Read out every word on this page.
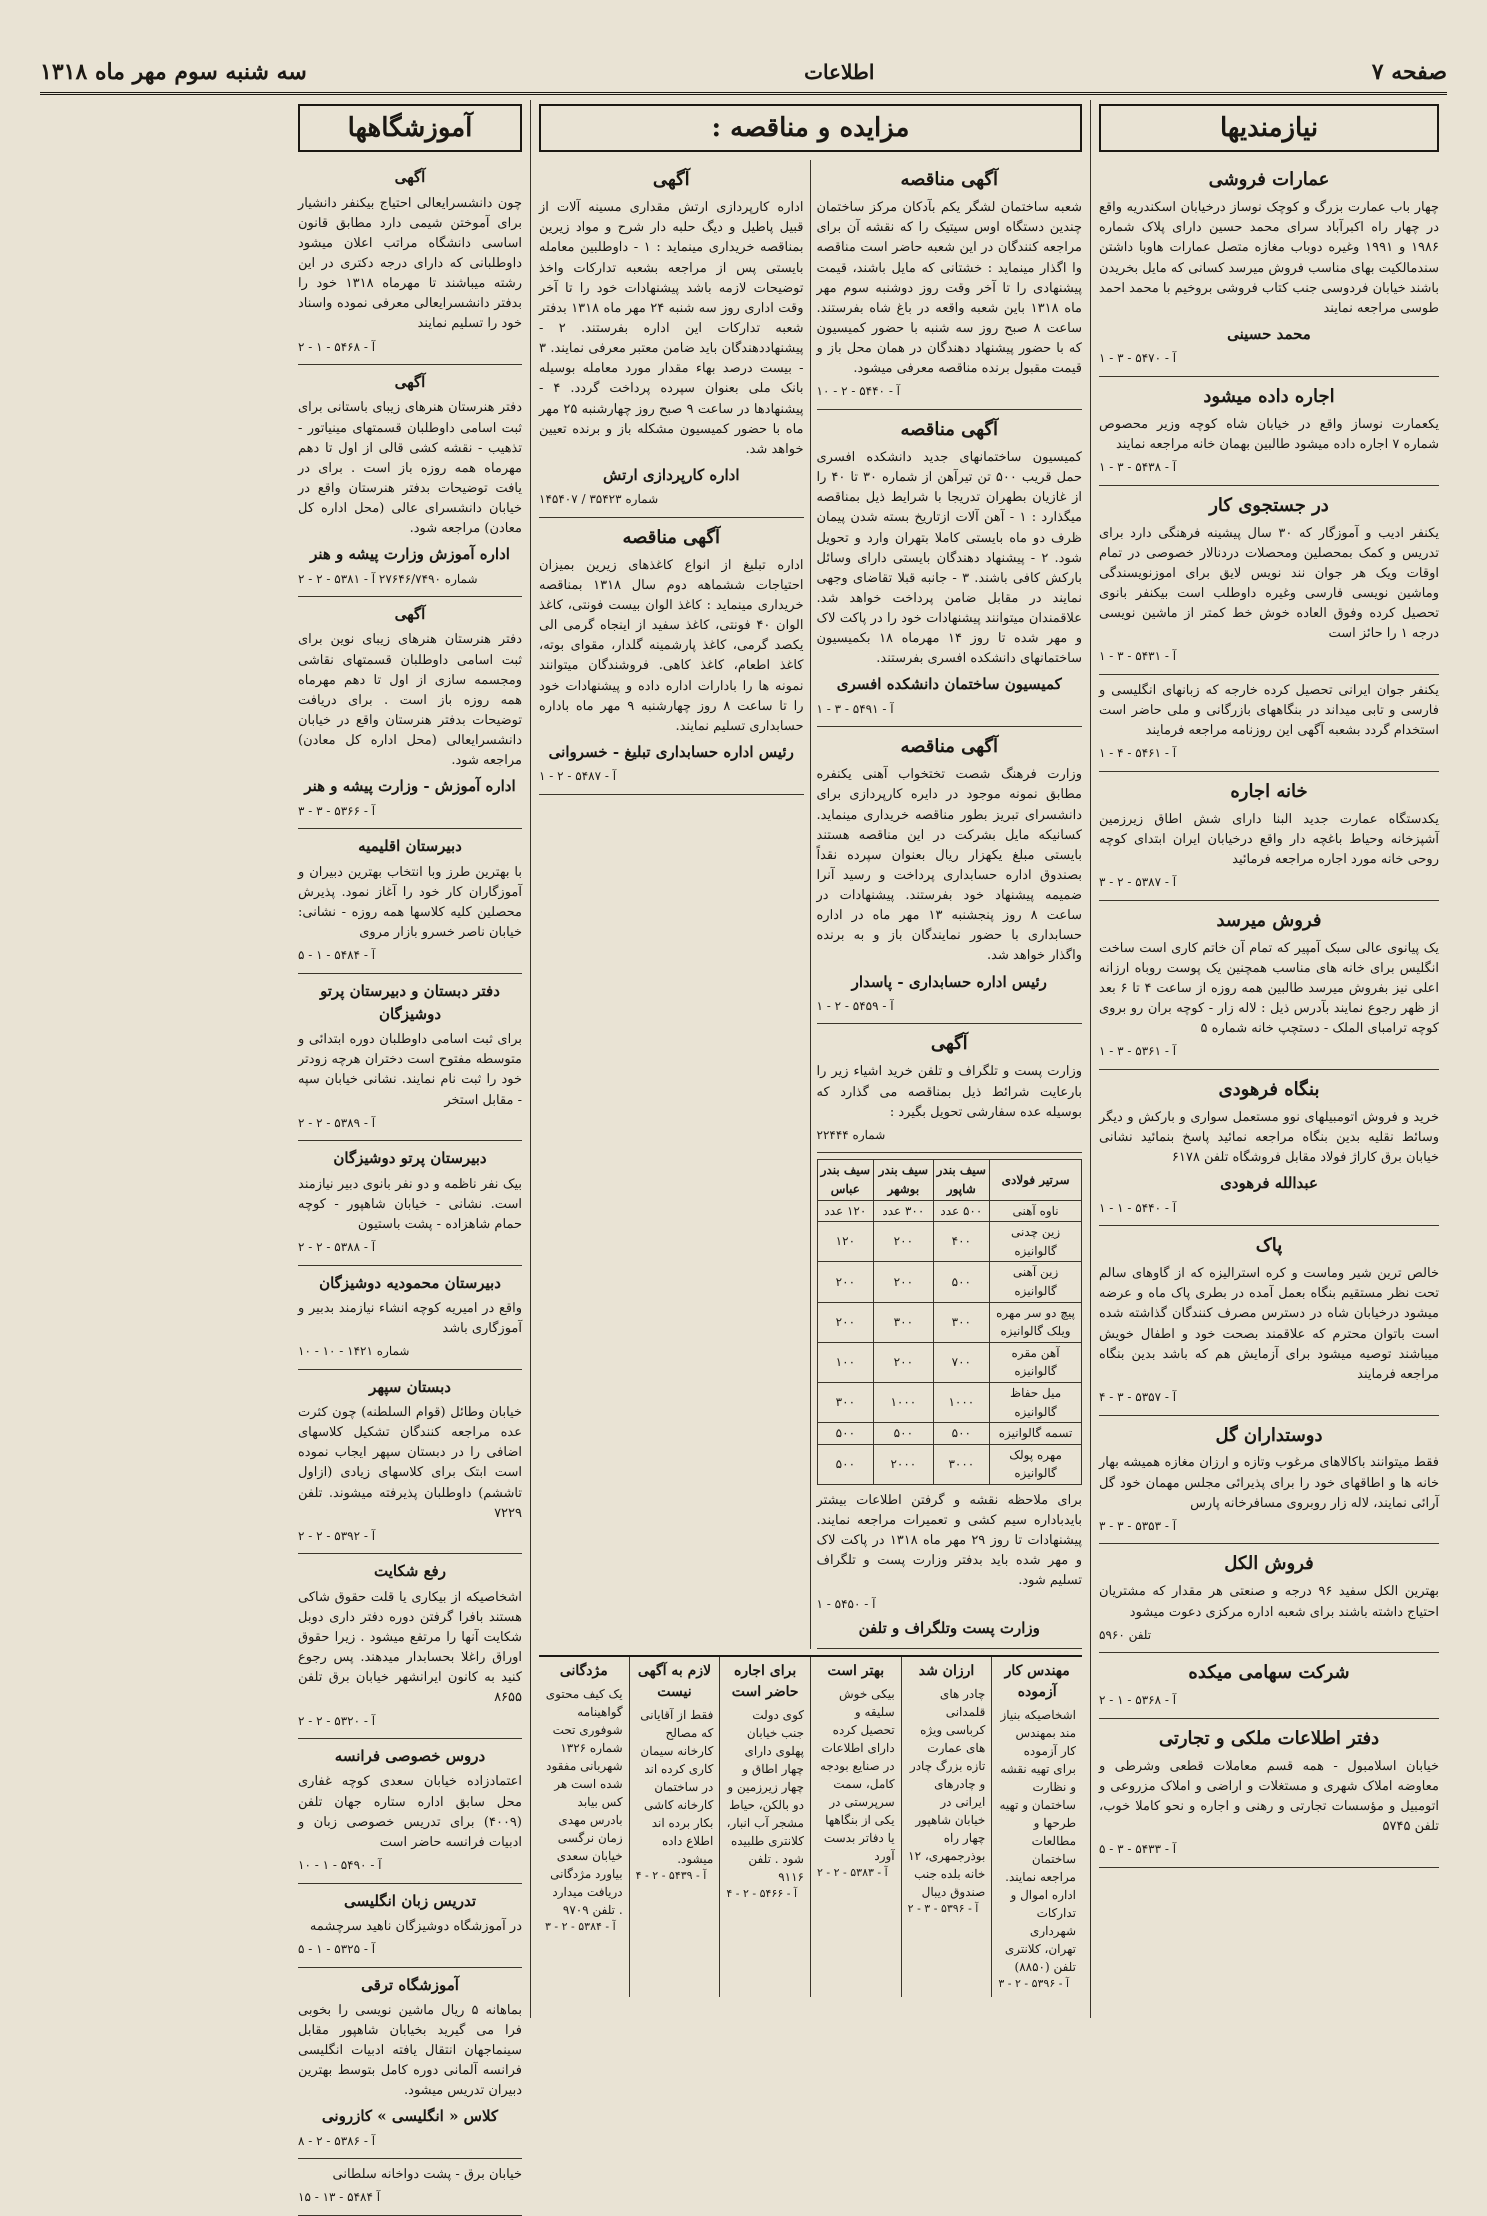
صفحه ۷
اطلاعات
سه شنبه سوم مهر ماه ۱۳۱۸
نیازمندیها
عمارات فروشی

چهار باب عمارت بزرگ و کوچک نوساز درخیابان اسکندریه واقع در چهار راه اکبرآباد سرای محمد حسین دارای پلاک شماره ۱۹۸۶ و ۱۹۹۱ وغیره دوباب مغازه متصل عمارات هاوبا داشتن سندمالکیت بهای مناسب فروش میرسد کسانی که مایل بخریدن باشند خیابان فردوسی جنب کتاب فروشی بروخیم با محمد احمد طوسی مراجعه نمایند

محمد حسینی
آ - ۵۴۷۰ - ۳ - ۱
اجاره داده میشود

یکعمارت نوساز واقع در خیابان شاه کوچه وزیر محصوص شماره ۷ اجاره داده میشود طالبین بهمان خانه مراجعه نمایند

آ - ۵۴۳۸ - ۳ - ۱
در جستجوی کار

یکنفر ادیب و آموزگار که ۳۰ سال پیشینه فرهنگی دارد برای تدریس و کمک بمحصلین ومحصلات دردنالار خصوصی در تمام اوقات ویک هر جوان نند نویس لایق برای اموزنویسندگی وماشین نویسی فارسی وغیره داوطلب است بیکنفر بانوی تحصیل کرده وفوق العاده خوش خط کمتر از ماشین نویسی درجه ۱ را حائز است

آ - ۵۴۳۱ - ۳ - ۱

یکنفر جوان ایرانی تحصیل کرده خارجه که زبانهای انگلیسی و فارسی و تابی میداند در بنگاههای بازرگانی و ملی حاضر است استخدام گردد بشعبه آگهی این روزنامه مراجعه فرمایند

آ - ۵۴۶۱ - ۴ - ۱
خانه اجاره

یکدستگاه عمارت جدید البنا دارای شش اطاق زیرزمین آشپزخانه وحیاط باغچه دار واقع درخیابان ایران ابتدای کوچه روحی خانه مورد اجاره مراجعه فرمائید

آ - ۵۳۸۷ - ۲ - ۳
فروش میرسد

یک پیانوی عالی سبک آمپیر که تمام آن خاتم کاری است ساخت انگلیس برای خانه های مناسب همچنین یک پوست روباه ارزانه اعلی نیز بفروش میرسد طالبین همه روزه از ساعت ۴ تا ۶ بعد از ظهر رجوع نمایند بآدرس ذیل : لاله زار - کوچه بران رو بروی کوچه ترامبای الملک - دستچپ خانه شماره ۵

آ - ۵۳۶۱ - ۳ - ۱
بنگاه فرهودی

خرید و فروش اتومبیلهای نوو مستعمل سواری و بارکش و دیگر وسائط نقلیه بدین بنگاه مراجعه نمائید پاسخ بنمائید نشانی خیابان برق کاراژ فولاد مقابل فروشگاه تلفن ۶۱۷۸

عبدالله فرهودی
آ - ۵۴۴۰ - ۱ - ۱
پاک

خالص ترین شیر وماست و کره استرالیزه که از گاوهای سالم تحت نظر مستقیم بنگاه بعمل آمده در بطری پاک ماه و عرضه میشود درخیابان شاه در دسترس مصرف کنندگان گذاشته شده است باتوان محترم که علاقمند بصحت خود و اطفال خویش میباشند توصیه میشود برای آزمایش هم که باشد بدین بنگاه مراجعه فرمایند

آ - ۵۳۵۷ - ۳ - ۴
دوستداران گل

فقط میتوانند باکالاهای مرغوب وتازه و ارزان مغازه همیشه بهار خانه ها و اطاقهای خود را برای پذیرائی مجلس مهمان خود گل آرائی نمایند، لاله زار روبروی مسافرخانه پارس

آ - ۵۳۵۳ - ۳ - ۳
فروش الکل

بهترین الکل سفید ۹۶ درجه و صنعتی هر مقدار که مشتریان احتیاج داشته باشند برای شعبه اداره مرکزی دعوت میشود

تلفن ۵۹۶۰
شرکت سهامی میکده
آ - ۵۳۶۸ - ۱ - ۲
دفتر اطلاعات ملکی و تجارتی

خیابان اسلامبول - همه قسم معاملات قطعی وشرطی و معاوضه املاک شهری و مستغلات و اراضی و املاک مزروعی و اتومبیل و مؤسسات تجارتی و رهنی و اجاره و نحو کاملا خوب، تلفن ۵۷۴۵

آ - ۵۴۳۳ - ۳ - ۵
مزایده و مناقصه :
آگهی مناقصه

شعبه ساختمان لشگر یکم بآدکان مرکز ساختمان چندین دستگاه اوس سیتیک را که نقشه آن برای مراجعه کنندگان در این شعبه حاضر است مناقصه وا اگذار مینماید : خشتانی که مایل باشند، قیمت پیشنهادی را تا آخر وقت روز دوشنبه سوم مهر ماه ۱۳۱۸ باین شعبه واقعه در باغ شاه بفرستند. ساعت ۸ صبح روز سه شنبه با حضور کمیسیون که با حضور پیشنهاد دهندگان در همان محل باز و قیمت مقبول برنده مناقصه معرفی میشود.

آ - ۵۴۴۰ - ۲ - ۱۰
آگهی مناقصه

کمیسیون ساختمانهای جدید دانشکده افسری حمل قریب ۵۰۰ تن تیرآهن از شماره ۳۰ تا ۴۰ را از غازیان بطهران تدریجا با شرایط ذیل بمناقصه میگذارد : ۱ - آهن آلات ازتاریخ بسته شدن پیمان ظرف دو ماه بایستی کاملا بتهران وارد و تحویل شود. ۲ - پیشنهاد دهندگان بایستی دارای وسائل بارکش کافی باشند. ۳ - جانبه قبلا تقاضای وجهی نمایند در مقابل ضامن پرداخت خواهد شد. علاقمندان میتوانند پیشنهادات خود را در پاکت لاک و مهر شده تا روز ۱۴ مهرماه ۱۸ بکمیسیون ساختمانهای دانشکده افسری بفرستند.

کمیسیون ساختمان دانشکده افسری
آ - ۵۴۹۱ - ۳ - ۱
آگهی مناقصه

وزارت فرهنگ شصت تختخواب آهنی یکنفره مطابق نمونه موجود در دایره کارپردازی برای دانشسرای تبریز بطور مناقصه خریداری مینماید. کسانیکه مایل بشرکت در این مناقصه هستند بایستی مبلغ یکهزار ریال بعنوان سپرده نقداً بصندوق اداره حسابداری پرداخت و رسید آنرا ضمیمه پیشنهاد خود بفرستند. پیشنهادات در ساعت ۸ روز پنجشنبه ۱۳ مهر ماه در اداره حسابداری با حضور نمایندگان باز و به برنده واگذار خواهد شد.

رئیس اداره حسابداری - پاسدار
آ - ۵۴۵۹ - ۲ - ۱
آگهی

وزارت پست و تلگراف و تلفن خرید اشیاء زیر را بارعایت شرائط ذیل بمناقصه می گذارد که بوسیله عده سفارشی تحویل بگیرد :

شماره ۲۲۴۴۴
سرتیر فولادی	سیف بندر شاپور	سیف بندر بوشهر	سیف بندر عباس
ناوه آهنی	۵۰۰ عدد	۳۰۰ عدد	۱۲۰ عدد
زین چدنی گالوانیزه	۴۰۰	۲۰۰	۱۲۰
زین آهنی گالوانیزه	۵۰۰	۲۰۰	۲۰۰
پیچ دو سر مهره ویلک گالوانیزه	۳۰۰	۳۰۰	۲۰۰
آهن مقره گالوانیزه	۷۰۰	۲۰۰	۱۰۰
میل حفاظ گالوانیزه	۱۰۰۰	۱۰۰۰	۳۰۰
تسمه گالوانیزه	۵۰۰	۵۰۰	۵۰۰
مهره پولک گالوانیزه	۳۰۰۰	۲۰۰۰	۵۰۰

برای ملاحظه نقشه و گرفتن اطلاعات بیشتر بایدباداره سیم کشی و تعمیرات مراجعه نمایند. پیشنهادات تا روز ۲۹ مهر ماه ۱۳۱۸ در پاکت لاک و مهر شده باید بدفتر وزارت پست و تلگراف تسلیم شود.

آ - ۵۴۵۰ - ۱
وزارت پست وتلگراف و تلفن
آگهی

اداره کارپردازی ارتش مقداری مسینه آلات از قبیل پاطیل و دیگ حلبه دار شرح و مواد زیرین بمناقصه خریداری مینماید : ۱ - داوطلبین معامله بایستی پس از مراجعه بشعبه تدارکات واخذ توضیحات لازمه باشد پیشنهادات خود را تا آخر وقت اداری روز سه شنبه ۲۴ مهر ماه ۱۳۱۸ بدفتر شعبه تدارکات این اداره بفرستند. ۲ - پیشنهاددهندگان باید ضامن معتبر معرفی نمایند. ۳ - بیست درصد بهاء مقدار مورد معامله بوسیله بانک ملی بعنوان سپرده پرداخت گردد. ۴ - پیشنهادها در ساعت ۹ صبح روز چهارشنبه ۲۵ مهر ماه با حضور کمیسیون مشکله باز و برنده تعیین خواهد شد.

اداره کارپردازی ارتش
شماره ۳۵۴۲۳ / ۱۴۵۴۰۷
آگهی مناقصه

اداره تبلیغ از انواع کاغذهای زیرین بمیزان احتیاجات ششماهه دوم سال ۱۳۱۸ بمناقصه خریداری مینماید : کاغذ الوان بیست فونتی، کاغذ الوان ۴۰ فونتی، کاغذ سفید از اینجاه گرمی الی یکصد گرمی، کاغذ پارشمینه گلدار، مقوای بوته، کاغذ اطعام، کاغذ کاهی. فروشندگان میتوانند نمونه ها را بادارات اداره داده و پیشنهادات خود را تا ساعت ۸ روز چهارشنبه ۹ مهر ماه باداره حسابداری تسلیم نمایند.

رئیس اداره حسابداری تبلیغ - خسروانی
آ - ۵۴۸۷ - ۲ - ۱
مهندس کار آزموده
اشخاصیکه بنیاز مند بمهندس کار آزموده برای تهیه نقشه و نظارت ساختمان و تهیه طرحها و مطالعات ساختمان مراجعه نمایند. اداره اموال و تدارکات شهرداری تهران، کلانتری تلفن (۸۸۵۰)
آ - ۵۳۹۶ - ۲ - ۳
ارزان شد
چادر های قلمدانی کرباسی ویژه های عمارت تازه بزرگ چادر و چادرهای ایرانی در خیابان شاهپور چهار راه بوذرجمهری، ۱۲ خانه بلده جنب صندوق دیبال
آ - ۵۳۹۶ - ۳ - ۲
بهتر است
بیکی خوش سلیقه و تحصیل کرده دارای اطلاعات در صنایع بودجه کامل، سمت سرپرستی در یکی از بنگاهها یا دفاتر بدست آورد
آ - ۵۳۸۳ - ۲ - ۲
برای اجاره حاضر است
کوی دولت جنب خیابان پهلوی دارای چهار اطاق و چهار زیرزمین و دو بالکن، حیاط مشجر آب انبار، کلانتری طلبیده شود . تلفن ۹۱۱۶
آ - ۵۴۶۶ - ۲ - ۴
لازم به آگهی نیست
فقط از آقایانی که مصالح کارخانه سیمان کاری کرده اند در ساختمان کارخانه کاشی بکار برده اند اطلاع داده میشود.
آ - ۵۴۳۹ - ۲ - ۴
مژدگانی
یک کیف محتوی گواهینامه شوفوری تحت شماره ۱۳۲۶ شهربانی مفقود شده است هر کس بیابد بادرس مهدی زمان نرگسی خیابان سعدی بیاورد مژدگانی دریافت میدارد . تلفن ۹۷۰۹
آ - ۵۳۸۴ - ۲ - ۳
آموزشگاهها
آگهی

چون دانشسرایعالی احتیاج بیکنفر دانشیار برای آموختن شیمی دارد مطابق قانون اساسی دانشگاه مراتب اعلان میشود داوطلبانی که دارای درجه دکتری در این رشته میباشند تا مهرماه ۱۳۱۸ خود را بدفتر دانشسرایعالی معرفی نموده واسناد خود را تسلیم نمایند

آ - ۵۴۶۸ - ۱ - ۲
آگهی

دفتر هنرستان هنرهای زیبای باستانی برای ثبت اسامی داوطلبان قسمتهای مینیاتور - تذهیب - نقشه کشی قالی از اول تا دهم مهرماه همه روزه باز است . برای در یافت توضیحات بدفتر هنرستان واقع در خیابان دانشسرای عالی (محل اداره کل معادن) مراجعه شود.

اداره آموزش وزارت پیشه و هنر
شماره ۲۷۶۴۶/۷۴۹۰ آ - ۵۳۸۱ - ۲ - ۲
آگهی

دفتر هنرستان هنرهای زیبای نوین برای ثبت اسامی داوطلبان قسمتهای نقاشی ومجسمه سازی از اول تا دهم مهرماه همه روزه باز است . برای دریافت توضیحات بدفتر هنرستان واقع در خیابان دانشسرایعالی (محل اداره کل معادن) مراجعه شود.

اداره آموزش - وزارت پیشه و هنر
آ - ۵۳۶۶ - ۳ - ۳
دبیرستان اقلیمیه

با بهترین طرز وبا انتخاب بهترین دبیران و آموزگاران کار خود را آغاز نمود. پذیرش محصلین کلیه کلاسها همه روزه - نشانی: خیابان ناصر خسرو بازار مروی

آ - ۵۴۸۴ - ۱ - ۵
دفتر دبستان و دبیرستان پرتو دوشیزگان

برای ثبت اسامی داوطلبان دوره ابتدائی و متوسطه مفتوح است دختران هرچه زودتر خود را ثبت نام نمایند. نشانی خیابان سپه - مقابل استخر

آ - ۵۳۸۹ - ۲ - ۲
دبیرستان پرتو دوشیزگان

بیک نفر ناظمه و دو نفر بانوی دبیر نیازمند است. نشانی - خیابان شاهپور - کوچه حمام شاهزاده - پشت باستیون

آ - ۵۳۸۸ - ۲ - ۲
دبیرستان محمودیه دوشیزگان

واقع در امیریه کوچه انشاء نیازمند بدبیر و آموزگاری باشد

شماره ۱۴۲۱ - ۱۰ - ۱۰
دبستان سپهر

خیابان وطائل (قوام السلطنه) چون کثرت عده مراجعه کنندگان تشکیل کلاسهای اضافی را در دبستان سپهر ایجاب نموده است ابتک برای کلاسهای زیادی (ازاول تاششم) داوطلبان پذیرفته میشوند. تلفن ۷۲۲۹

آ - ۵۳۹۲ - ۲ - ۲
رفع شکایت

اشخاصیکه از بیکاری یا قلت حقوق شاکی هستند بافرا گرفتن دوره دفتر داری دوبل شکایت آنها را مرتفع میشود . زیرا حقوق اوراق راغلا بحسابدار میدهند. پس رجوع کنید به کانون ایرانشهر خیابان برق تلفن ۸۶۵۵

آ - ۵۳۲۰ - ۲ - ۲
دروس خصوصی فرانسه

اعتمادزاده خیابان سعدی کوچه غفاری محل سابق اداره ستاره جهان تلفن (۴۰۰۹) برای تدریس خصوصی زبان و ادبیات فرانسه حاضر است

آ - ۵۴۹۰ - ۱ - ۱۰
تدریس زبان انگلیسی

در آموزشگاه دوشیزگان ناهید سرچشمه

آ - ۵۳۲۵ - ۱ - ۵
آموزشگاه ترقی

بماهانه ۵ ریال ماشین نویسی را بخوبی فرا می گیرید بخیابان شاهپور مقابل سینماجهان انتقال یافته ادبیات انگلیسی فرانسه آلمانی دوره کامل بتوسط بهترین دبیران تدریس میشود.

کلاس « انگلیسی » کازرونی
آ - ۵۳۸۶ - ۲ - ۸

خیابان برق - پشت دواخانه سلطانی

آ ۵۴۸۴ - ۱۳ - ۱۵
